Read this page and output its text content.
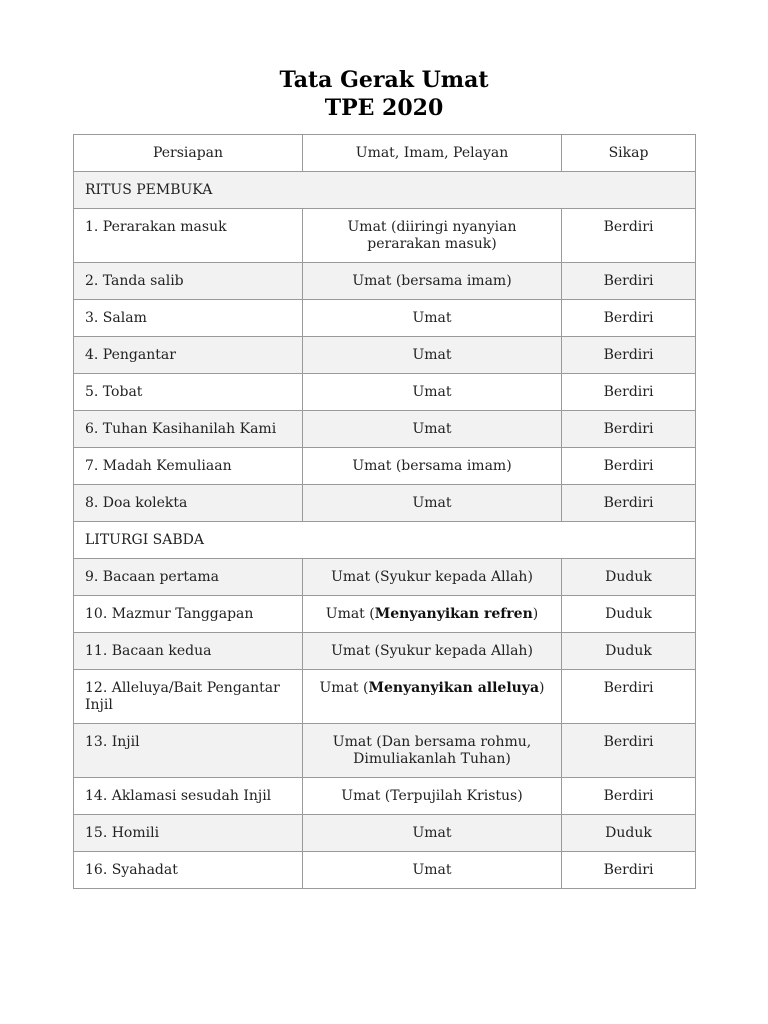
Tata Gerak Umat
TPE 2020
Persiapan	Umat, Imam, Pelayan	Sikap
RITUS PEMBUKA		
1. Perarakan masuk	Umat (diiringi nyanyian perarakan masuk)	Berdiri
2. Tanda salib	Umat (bersama imam)	Berdiri
3. Salam	Umat	Berdiri
4. Pengantar	Umat	Berdiri
5. Tobat	Umat	Berdiri
6. Tuhan Kasihanilah Kami	Umat	Berdiri
7. Madah Kemuliaan	Umat (bersama imam)	Berdiri
8. Doa kolekta	Umat	Berdiri
LITURGI SABDA		
9. Bacaan pertama	Umat (Syukur kepada Allah)	Duduk
10. Mazmur Tanggapan	Umat (Menyanyikan refren)	Duduk
11. Bacaan kedua	Umat (Syukur kepada Allah)	Duduk
12. Alleluya/Bait Pengantar Injil	Umat (Menyanyikan alleluya)	Berdiri
13. Injil	Umat (Dan bersama rohmu, Dimuliakanlah Tuhan)	Berdiri
14. Aklamasi sesudah Injil	Umat (Terpujilah Kristus)	Berdiri
15. Homili	Umat	Duduk
16. Syahadat	Umat	Berdiri
